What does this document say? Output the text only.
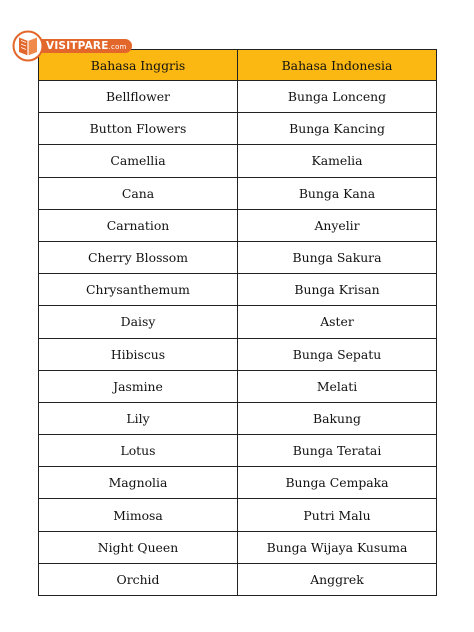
VISITPARE.com
Bahasa Inggris	Bahasa Indonesia
Bellflower	Bunga Lonceng
Button Flowers	Bunga Kancing
Camellia	Kamelia
Cana	Bunga Kana
Carnation	Anyelir
Cherry Blossom	Bunga Sakura
Chrysanthemum	Bunga Krisan
Daisy	Aster
Hibiscus	Bunga Sepatu
Jasmine	Melati
Lily	Bakung
Lotus	Bunga Teratai
Magnolia	Bunga Cempaka
Mimosa	Putri Malu
Night Queen	Bunga Wijaya Kusuma
Orchid	Anggrek
